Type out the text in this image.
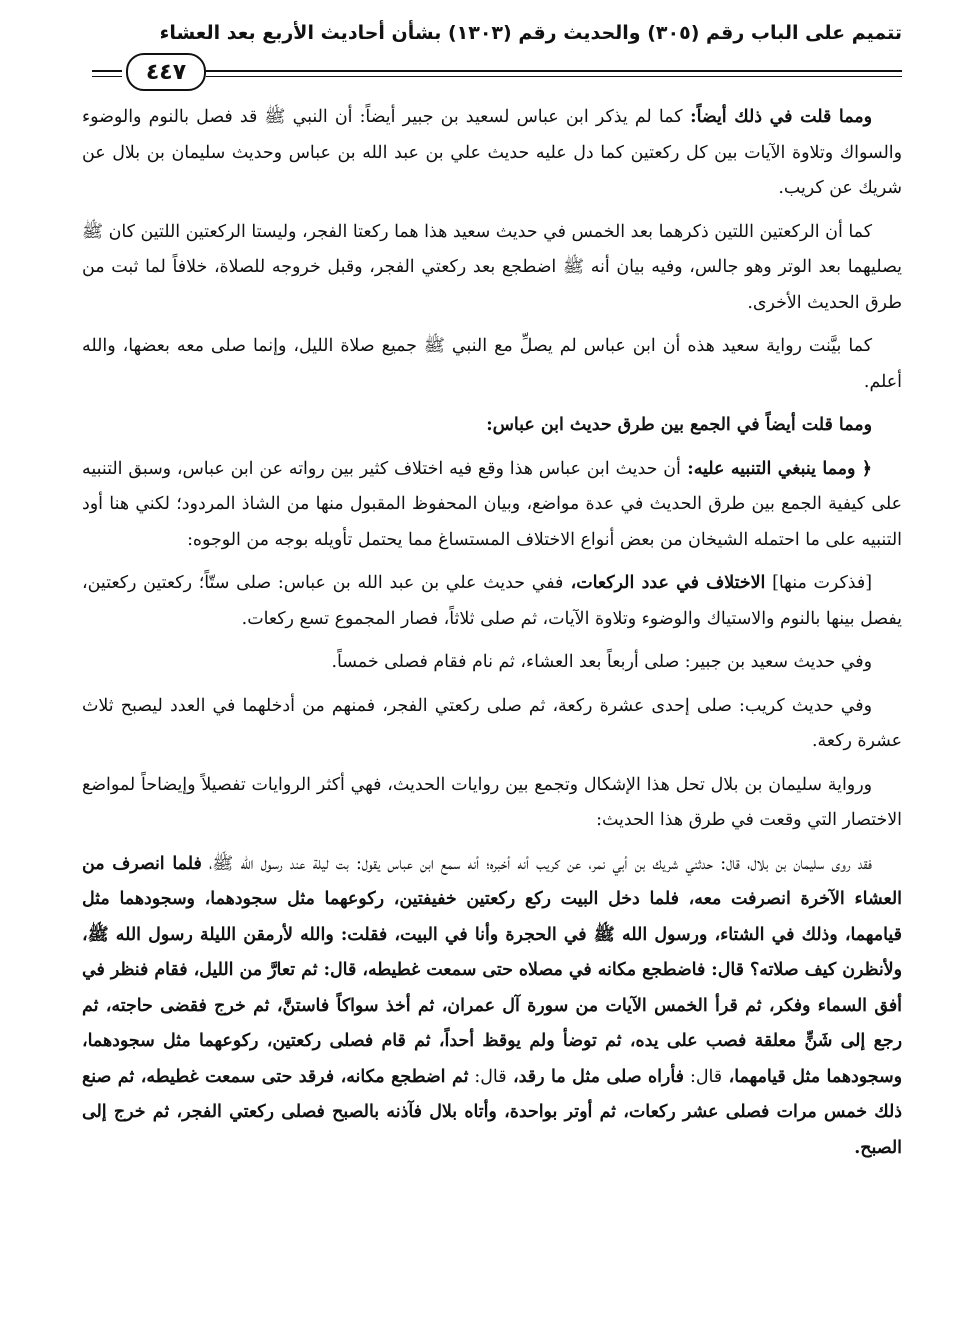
تتميم على الباب رقم (٣٠٥) والحديث رقم (١٣٠٣) بشأن أحاديث الأربع بعد العشاء
٤٤٧

ومما قلت في ذلك أيضاً: كما لم يذكر ابن عباس لسعيد بن جبير أيضاً: أن النبي ﷺ قد فصل بالنوم والوضوء والسواك وتلاوة الآيات بين كل ركعتين كما دل عليه حديث علي بن عبد الله بن عباس وحديث سليمان بن بلال عن شريك عن كريب.

كما أن الركعتين اللتين ذكرهما بعد الخمس في حديث سعيد هذا هما ركعتا الفجر، وليستا الركعتين اللتين كان ﷺ يصليهما بعد الوتر وهو جالس، وفيه بيان أنه ﷺ اضطجع بعد ركعتي الفجر، وقبل خروجه للصلاة، خلافاً لما ثبت من طرق الحديث الأخرى.

كما بيَّنت رواية سعيد هذه أن ابن عباس لم يصلِّ مع النبي ﷺ جميع صلاة الليل، وإنما صلى معه بعضها، والله أعلم.

ومما قلت أيضاً في الجمع بين طرق حديث ابن عباس:

﴿ ومما ينبغي التنبيه عليه: أن حديث ابن عباس هذا وقع فيه اختلاف كثير بين رواته عن ابن عباس، وسبق التنبيه على كيفية الجمع بين طرق الحديث في عدة مواضع، وبيان المحفوظ المقبول منها من الشاذ المردود؛ لكني هنا أود التنبيه على ما احتمله الشيخان من بعض أنواع الاختلاف المستساغ مما يحتمل تأويله بوجه من الوجوه:

[فذكرت منها] الاختلاف في عدد الركعات، ففي حديث علي بن عبد الله بن عباس: صلى ستّاً؛ ركعتين ركعتين، يفصل بينها بالنوم والاستياك والوضوء وتلاوة الآيات، ثم صلى ثلاثاً، فصار المجموع تسع ركعات.

وفي حديث سعيد بن جبير: صلى أربعاً بعد العشاء، ثم نام فقام فصلى خمساً.

وفي حديث كريب: صلى إحدى عشرة ركعة، ثم صلى ركعتي الفجر، فمنهم من أدخلهما في العدد ليصبح ثلاث عشرة ركعة.

ورواية سليمان بن بلال تحل هذا الإشكال وتجمع بين روايات الحديث، فهي أكثر الروايات تفصيلاً وإيضاحاً لمواضع الاختصار التي وقعت في طرق هذا الحديث:

فقد روى سليمان بن بلال، قال: حدثني شريك بن أبي نمر، عن كريب أنه أخبره؛ أنه سمع ابن عباس يقول: بت ليلة عند رسول الله ﷺ، فلما انصرف من العشاء الآخرة انصرفت معه، فلما دخل البيت ركع ركعتين خفيفتين، ركوعهما مثل سجودهما، وسجودهما مثل قيامهما، وذلك في الشتاء، ورسول الله ﷺ في الحجرة وأنا في البيت، فقلت: والله لأرمقن الليلة رسول الله ﷺ، ولأنظرن كيف صلاته؟ قال: فاضطجع مكانه في مصلاه حتى سمعت غطيطه، قال: ثم تعارَّ من الليل، فقام فنظر في أفق السماء وفكر، ثم قرأ الخمس الآيات من سورة آل عمران، ثم أخذ سواكاً فاستنَّ، ثم خرج فقضى حاجته، ثم رجع إلى شَنٍّ معلقة فصب على يده، ثم توضأ ولم يوقظ أحداً، ثم قام فصلى ركعتين، ركوعهما مثل سجودهما، وسجودهما مثل قيامهما، قال: فأراه صلى مثل ما رقد، قال: ثم اضطجع مكانه، فرقد حتى سمعت غطيطه، ثم صنع ذلك خمس مرات فصلى عشر ركعات، ثم أوتر بواحدة، وأتاه بلال فآذنه بالصبح فصلى ركعتي الفجر، ثم خرج إلى الصبح.
